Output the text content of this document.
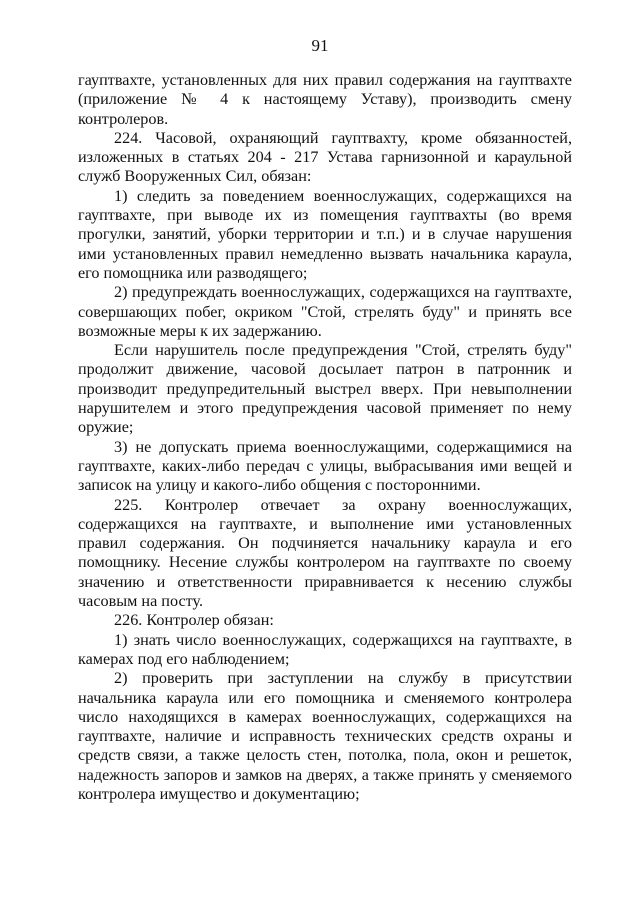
91

гауптвахте, установленных для них правил содержания на гауптвахте (приложение № 4 к настоящему Уставу), производить смену контролеров.

224. Часовой, охраняющий гауптвахту, кроме обязанностей, изложенных в статьях 204 - 217 Устава гарнизонной и караульной служб Вооруженных Сил, обязан:

1) следить за поведением военнослужащих, содержащихся на гауптвахте, при выводе их из помещения гауптвахты (во время прогулки, занятий, уборки территории и т.п.) и в случае нарушения ими установленных правил немедленно вызвать начальника караула, его помощника или разводящего;

2) предупреждать военнослужащих, содержащихся на гауптвахте, совершающих побег, окриком "Стой, стрелять буду" и принять все возможные меры к их задержанию.

Если нарушитель после предупреждения "Стой, стрелять буду" продолжит движение, часовой досылает патрон в патронник и производит предупредительный выстрел вверх. При невыполнении нарушителем и этого предупреждения часовой применяет по нему оружие;

3) не допускать приема военнослужащими, содержащимися на гауптвахте, каких-либо передач с улицы, выбрасывания ими вещей и записок на улицу и какого-либо общения с посторонними.

225. Контролер отвечает за охрану военнослужащих, содержащихся на гауптвахте, и выполнение ими установленных правил содержания. Он подчиняется начальнику караула и его помощнику. Несение службы контролером на гауптвахте по своему значению и ответственности приравнивается к несению службы часовым на посту.

226. Контролер обязан:

1) знать число военнослужащих, содержащихся на гауптвахте, в камерах под его наблюдением;

2) проверить при заступлении на службу в присутствии начальника караула или его помощника и сменяемого контролера число находящихся в камерах военнослужащих, содержащихся на гауптвахте, наличие и исправность технических средств охраны и средств связи, а также целость стен, потолка, пола, окон и решеток, надежность запоров и замков на дверях, а также принять у сменяемого контролера имущество и документацию;
